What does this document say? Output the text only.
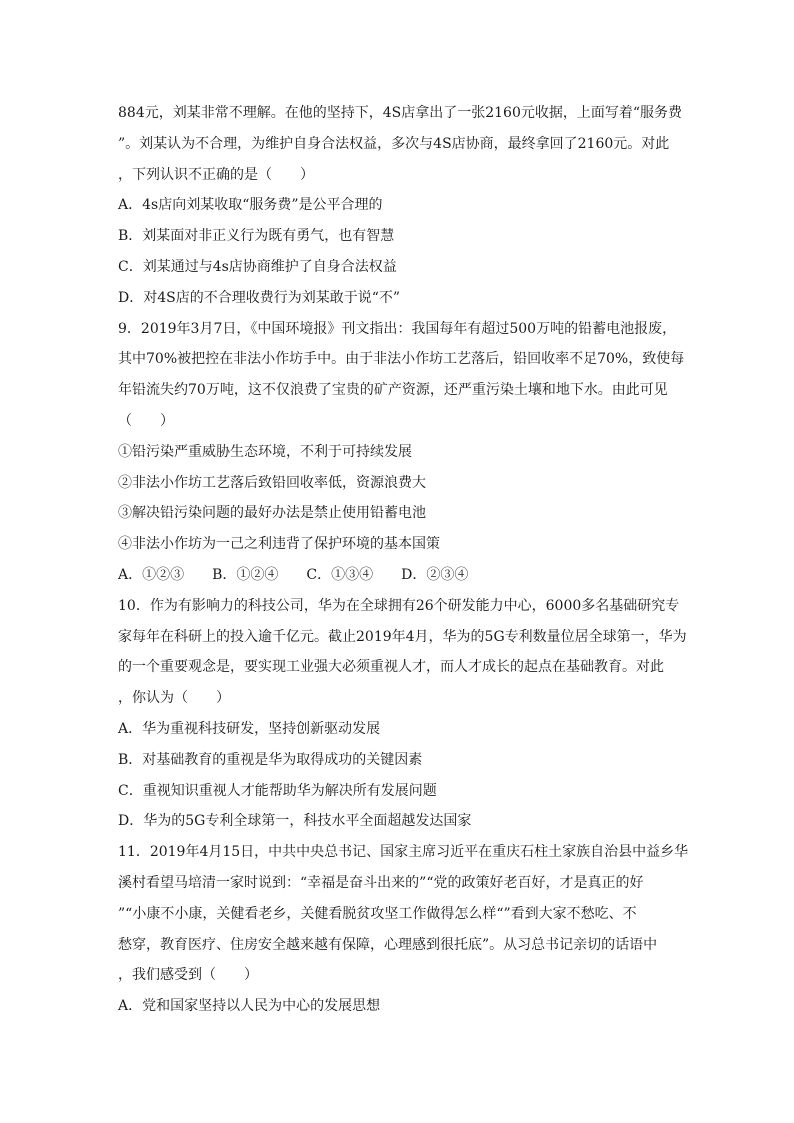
884元，刘某非常不理解。在他的坚持下，4S店拿出了一张2160元收据，上面写着“服务费
”。刘某认为不合理，为维护自身合法权益，多次与4S店协商，最终拿回了2160元。对此
，下列认识不正确的是（　　）
A．4s店向刘某收取“服务费”是公平合理的
B．刘某面对非正义行为既有勇气，也有智慧
C．刘某通过与4s店协商维护了自身合法权益
D．对4S店的不合理收费行为刘某敢于说“不”
9．2019年3月7日，《中国环境报》刊文指出：我国每年有超过500万吨的铅蓄电池报废，
其中70%被把控在非法小作坊手中。由于非法小作坊工艺落后，铅回收率不足70%，致使每
年铅流失约70万吨，这不仅浪费了宝贵的矿产资源，还严重污染土壤和地下水。由此可见
（　　）
①铅污染严重威胁生态环境，不利于可持续发展
②非法小作坊工艺落后致铅回收率低，资源浪费大
③解决铅污染问题的最好办法是禁止使用铅蓄电池
④非法小作坊为一己之利违背了保护环境的基本国策
A．①②③　　B．①②④　　C．①③④　　D．②③④
10．作为有影响力的科技公司，华为在全球拥有26个研发能力中心，6000多名基础研究专
家每年在科研上的投入逾千亿元。截止2019年4月，华为的5G专利数量位居全球第一，华为
的一个重要观念是，要实现工业强大必须重视人才，而人才成长的起点在基础教育。对此
，你认为（　　）
A．华为重视科技研发，坚持创新驱动发展
B．对基础教育的重视是华为取得成功的关键因素
C．重视知识重视人才能帮助华为解决所有发展问题
D．华为的5G专利全球第一，科技水平全面超越发达国家
11．2019年4月15日，中共中央总书记、国家主席习近平在重庆石柱土家族自治县中益乡华
溪村看望马培清一家时说到：“幸福是奋斗出来的”“党的政策好老百好，才是真正的好
”“小康不小康，关健看老乡，关健看脱贫攻坚工作做得怎么样“”看到大家不愁吃、不
愁穿，教育医疗、住房安全越来越有保障，心理感到很托底”。从习总书记亲切的话语中
，我们感受到（　　）
A．党和国家坚持以人民为中心的发展思想
